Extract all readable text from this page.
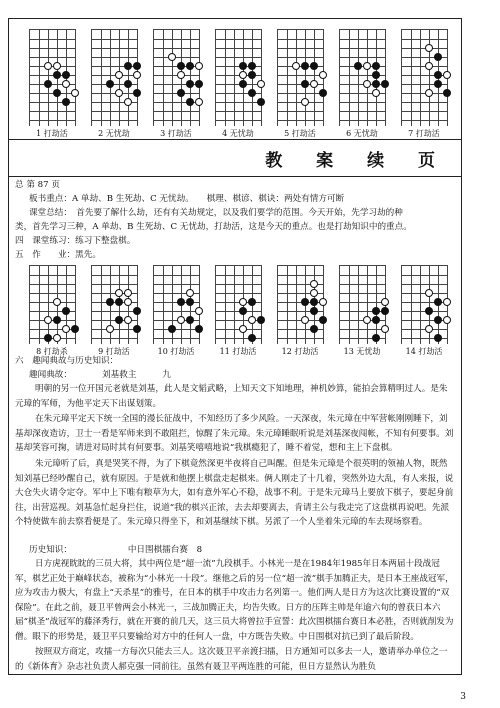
1 打劫活	2 无忧劫	3 打劫活	4 无忧劫	5 打劫活	6 无忧劫	7 打劫活
教 案 续 页
总 第 87 页
板书重点：A 单劫、B 生死劫、C 无忧劫。　　棋理、棋谚、棋诀：两处有情方可断
课堂总结：　首先要了解什么劫，还有有关劫规定，以及我们要学的范围。今天开始，先学习劫的种
类，首先学习三种，A 单劫、B 生死劫、C 无忧劫，打劫活，这是今天的重点。也是打劫知识中的重点。
四　课堂练习：练习下整盘棋。
五　作　　业：黑先。
8 打劫杀	9 打劫活	10 打劫活	11 打劫活	12 打劫活	13 无忧劫	14 打劫活
六　趣闻典故与历史知识：
趣闻典故：　　　　刘基救主　　　九
明朝的另一位开国元老就是刘基，此人是文韬武略，上知天文下知地理，神机妙算，能拍会算精明过人。是朱元璋的军师，为他平定天下出谋划策。
在朱元璋平定天下统一全国的漫长征战中，不知经历了多少风险。一天深夜，朱元璋在中军营帐刚刚睡下，刘基却深夜造访，卫士一看是军师来到不敢阻拦，惊醒了朱元璋。朱元璋睡眠听说是刘基深夜闯帐，不知有何要事。刘基却笑容可掬，请进对局时其有何要事。刘基笑嘻嘻地说“我棋瘾犯了，睡不着觉，想和主上下盘棋。
朱元璋听了后，真是哭笑不得，为了下棋竟然深更半夜将自己叫醒。但是朱元璋是个很英明的领袖人物，既然知刘基已经吵醒自己，就有原因。于是就和他摆上棋盘走起棋来。俩人刚走了十几着，突然外边大乱，有人来报，说大仓失火请令定夺。军中上下唯有粮草为大，如有意外军心不稳，战事不利。于是朱元璋马上要放下棋子，要起身前往，出营巡视。刘基急忙起身拦住，说道“我的棋兴正浓，去去却要离去，肯请主公与我走完了这盘棋再说吧。先派个特使做车前去察看便是了。朱元璋只得坐下，和刘基继续下棋。另派了一个人坐着朱元璋的车去现场察看。
历史知识：　　　　　　　中日围棋擂台赛　8
日方虎视眈眈的三员大将，其中两位是“超一流”九段棋手。小林光一是在1984年1985年日本两届十段战冠军，棋艺正处于巅峰状态，被称为“小林光一十段”。继他之后的另一位“超一流”棋手加腾正夫，是日本王座战冠军，应为攻击力极大，有盘上“天杀星”的雅号，在日本的棋手中攻击力名列第一。他们两人是日方为这次比赛设置的“双保险”。在此之前，聂卫平曾两会小林光一，三战加腾正夫，均告失败。日方的压阵主帅是年逾六旬的曾获日本六届“棋圣”战冠军的藤泽秀行，就在开赛的前几天，这三员大将曾拉手宣誓：此次围棋擂台赛日本必胜，否则就削发为僧。眼下的形势是，聂卫平只要输给对方中的任何人一盘，中方既告失败。中日围棋对抗已到了最后阶段。
按照双方商定，攻擂一方每次只能去三人。这次聂卫平亲渡扫擂，日方通知可以多去一人，邀请举办单位之一的《新体育》杂志社负责人郝克强一同前往。虽然有聂卫平两连胜的可能，但日方显然认为胜负
3
